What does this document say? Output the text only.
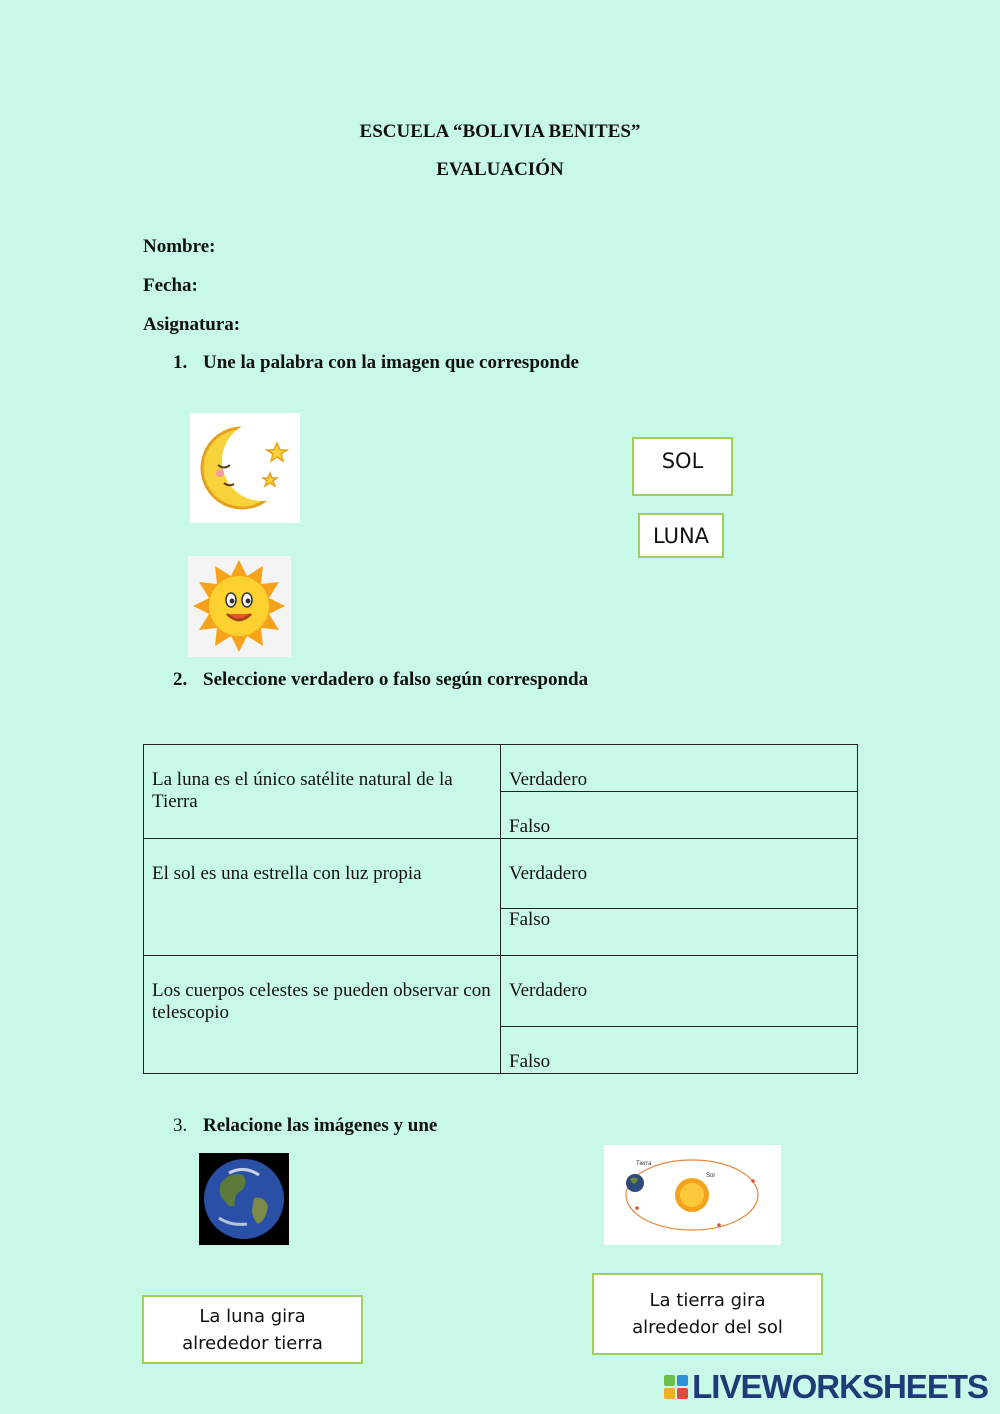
ESCUELA “BOLIVIA BENITES”
EVALUACIÓN
Nombre:
Fecha:
Asignatura:
1. Une la palabra con la imagen que corresponde
SOL
LUNA
2. Seleccione verdadero o falso según corresponda
La luna es el único satélite natural de la Tierra	Verdadero
	Falso
El sol es una estrella con luz propia	Verdadero
	Falso
Los cuerpos celestes se pueden observar con telescopio	Verdadero
	Falso
3. Relacione las imágenes y une
Tierra
Sol
La luna gira alrededor tierra
La tierra gira alrededor del sol
LIVEWORKSHEETS
